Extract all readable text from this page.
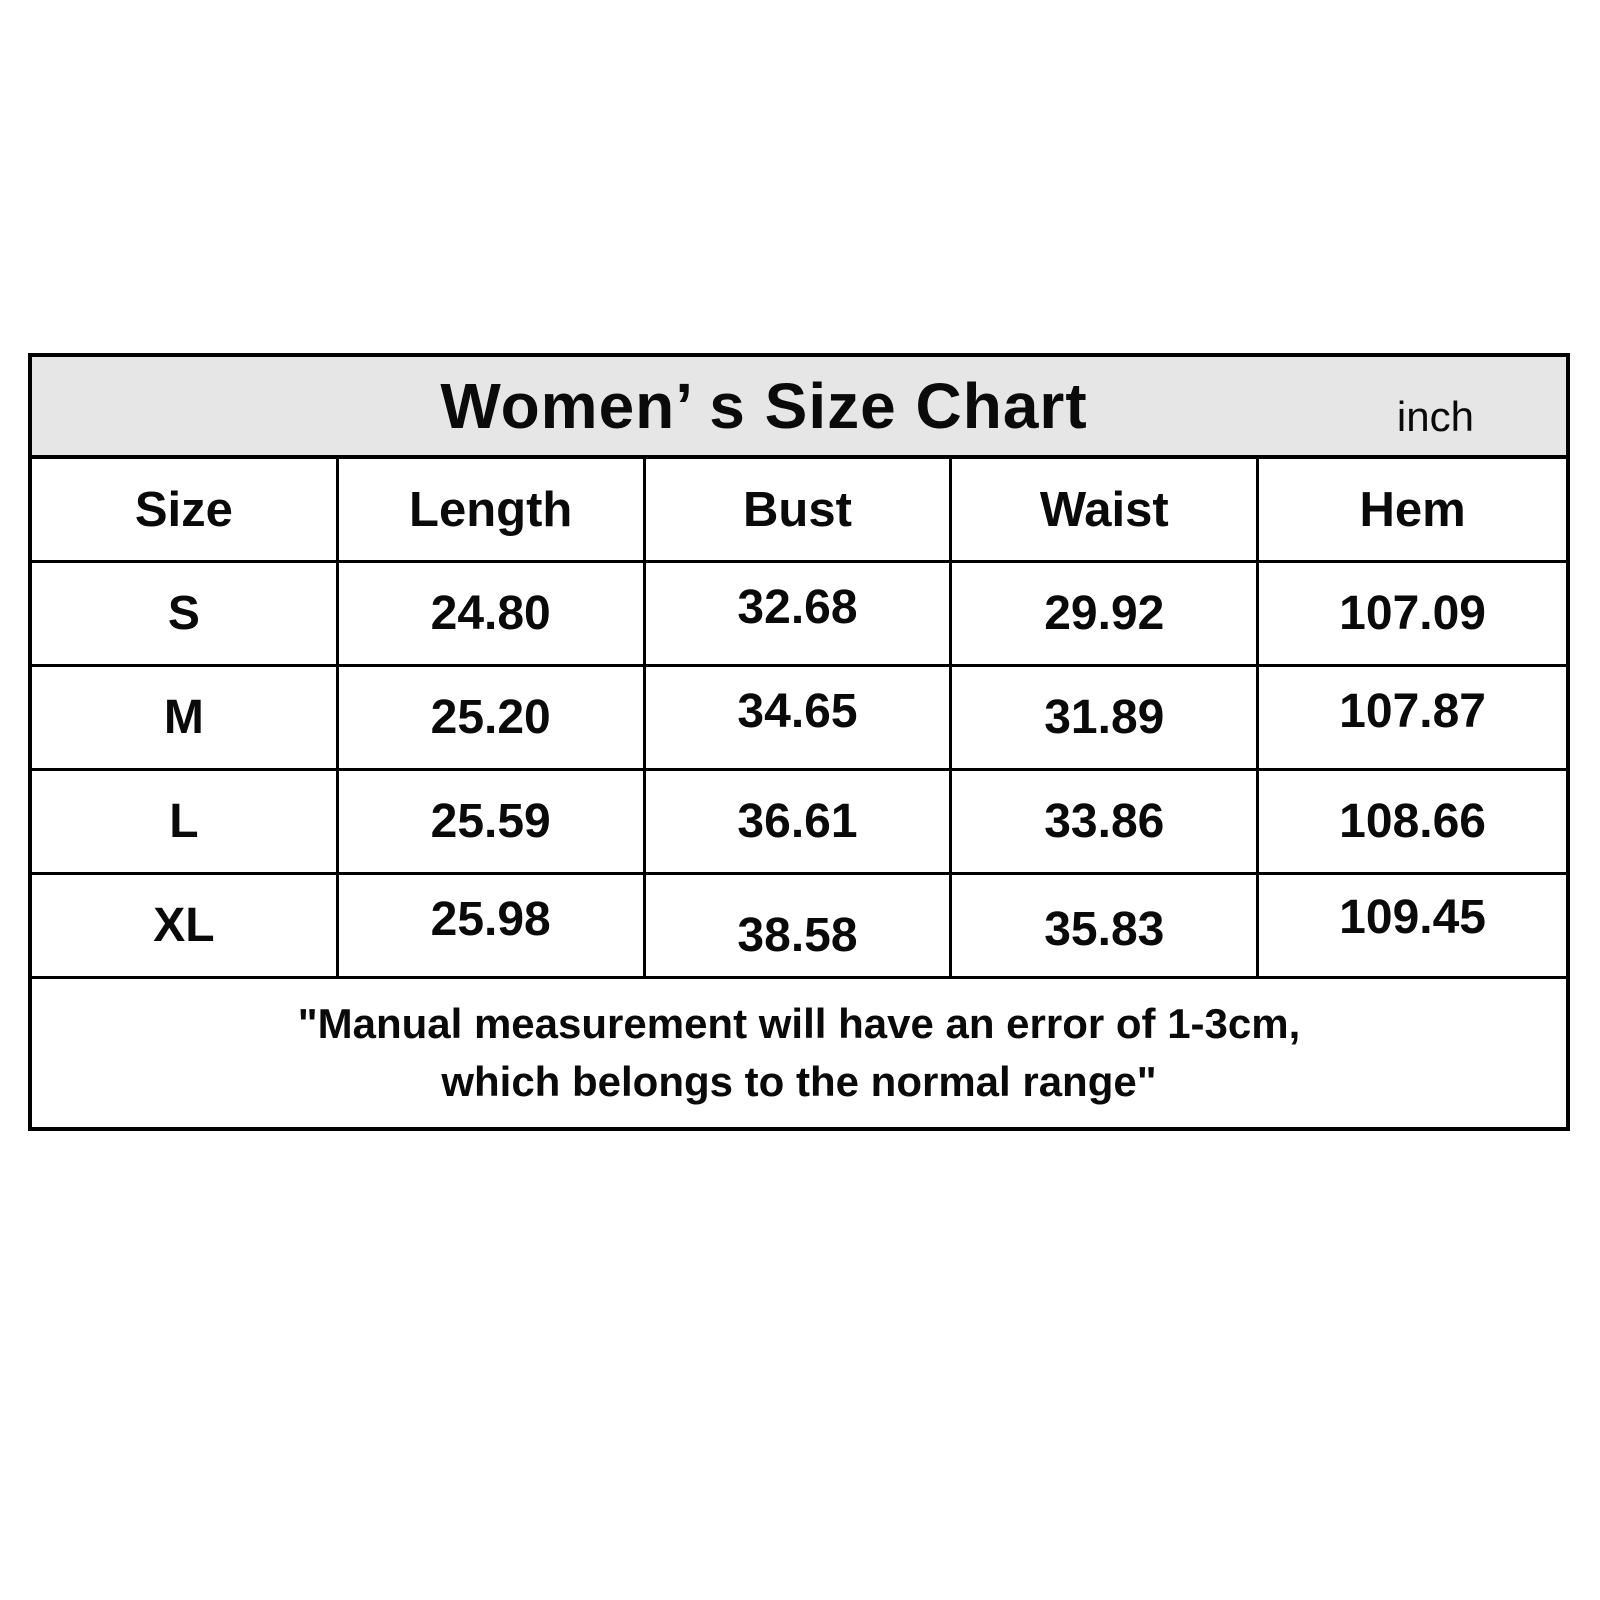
Women’ s Size Chart	inch
Size	Length	Bust	Waist	Hem
S	24.80	32.68	29.92	107.09
M	25.20	34.65	31.89	107.87
L	25.59	36.61	33.86	108.66
XL	25.98	38.58	35.83	109.45
"Manual measurement will have an error of 1-3cm,
which belongs to the normal range"
